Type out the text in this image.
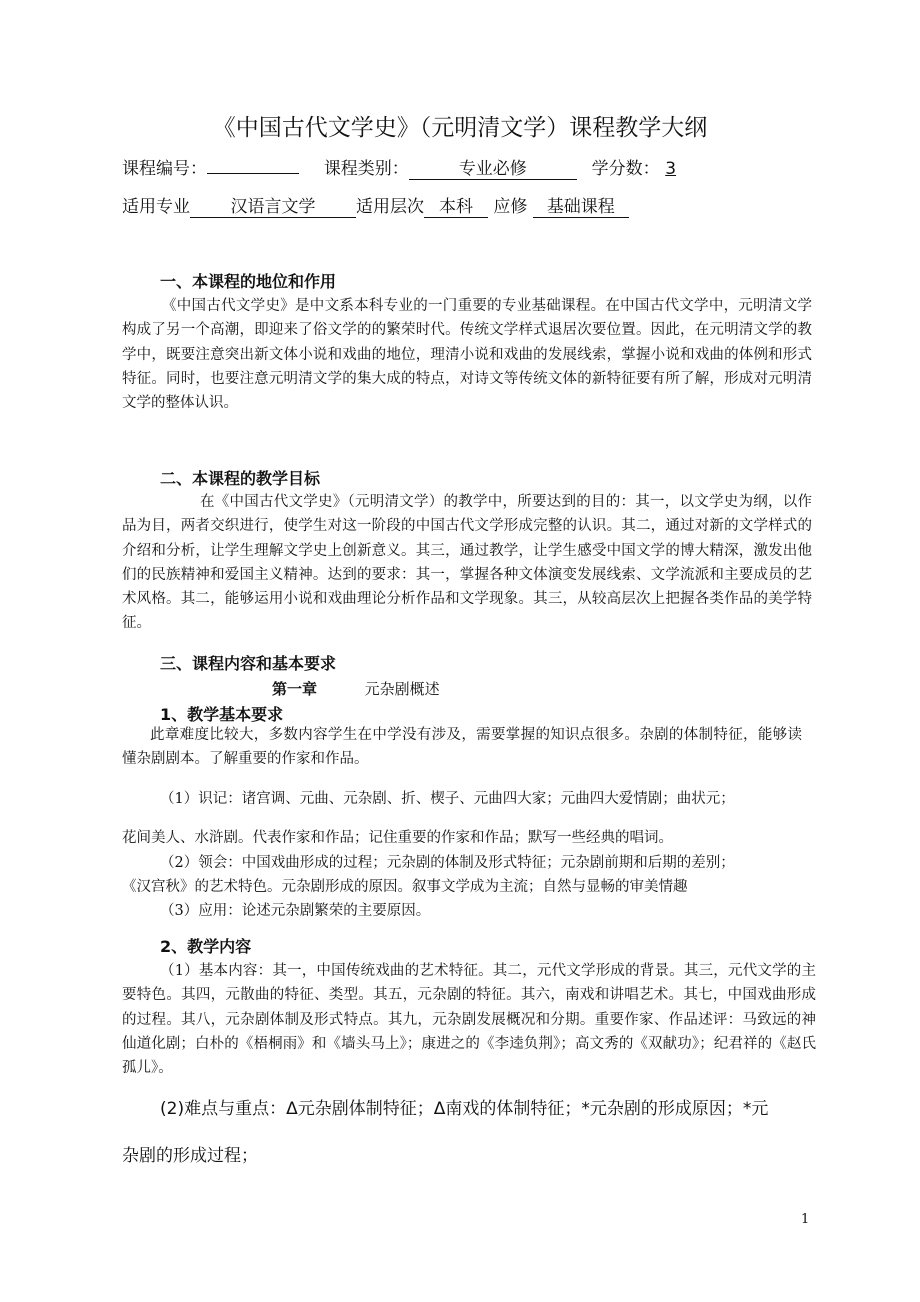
《中国古代文学史》（元明清文学）课程教学大纲
课程编号：	课程类别：	专业必修	学分数： 3
适用专业 汉语言文学 适用层次 本科 应修 基础课程
一、本课程的地位和作用

《中国古代文学史》是中文系本科专业的一门重要的专业基础课程。在中国古代文学中，元明清文学构成了另一个高潮，即迎来了俗文学的的繁荣时代。传统文学样式退居次要位置。因此，在元明清文学的教学中，既要注意突出新文体小说和戏曲的地位，理清小说和戏曲的发展线索，掌握小说和戏曲的体例和形式特征。同时，也要注意元明清文学的集大成的特点，对诗文等传统文体的新特征要有所了解，形成对元明清文学的整体认识。

二、本课程的教学目标

在《中国古代文学史》（元明清文学）的教学中，所要达到的目的：其一，以文学史为纲，以作品为目，两者交织进行，使学生对这一阶段的中国古代文学形成完整的认识。其二，通过对新的文学样式的介绍和分析，让学生理解文学史上创新意义。其三，通过教学，让学生感受中国文学的博大精深，激发出他们的民族精神和爱国主义精神。达到的要求：其一，掌握各种文体演变发展线索、文学流派和主要成员的艺术风格。其二，能够运用小说和戏曲理论分析作品和文学现象。其三，从较高层次上把握各类作品的美学特征。

三、课程内容和基本要求
第一章	元杂剧概述
1、教学基本要求

此章难度比较大，多数内容学生在中学没有涉及，需要掌握的知识点很多。杂剧的体制特征，能够读懂杂剧剧本。了解重要的作家和作品。

（1）识记：诸宫调、元曲、元杂剧、折、楔子、元曲四大家；元曲四大爱情剧；曲状元；
花间美人、水浒剧。代表作家和作品；记住重要的作家和作品；默写一些经典的唱词。
（2）领会：中国戏曲形成的过程；元杂剧的体制及形式特征；元杂剧前期和后期的差别；
《汉宫秋》的艺术特色。元杂剧形成的原因。叙事文学成为主流；自然与显畅的审美情趣
（3）应用：论述元杂剧繁荣的主要原因。
2、教学内容

（1）基本内容：其一，中国传统戏曲的艺术特征。其二，元代文学形成的背景。其三，元代文学的主要特色。其四，元散曲的特征、类型。其五，元杂剧的特征。其六，南戏和讲唱艺术。其七，中国戏曲形成的过程。其八，元杂剧体制及形式特点。其九，元杂剧发展概况和分期。重要作家、作品述评：马致远的神仙道化剧；白朴的《梧桐雨》和《墙头马上》；康进之的《李逵负荆》；高文秀的《双献功》；纪君祥的《赵氏孤儿》。

(2)难点与重点：Δ元杂剧体制特征；Δ南戏的体制特征；*元杂剧的形成原因；*元
杂剧的形成过程；
1
